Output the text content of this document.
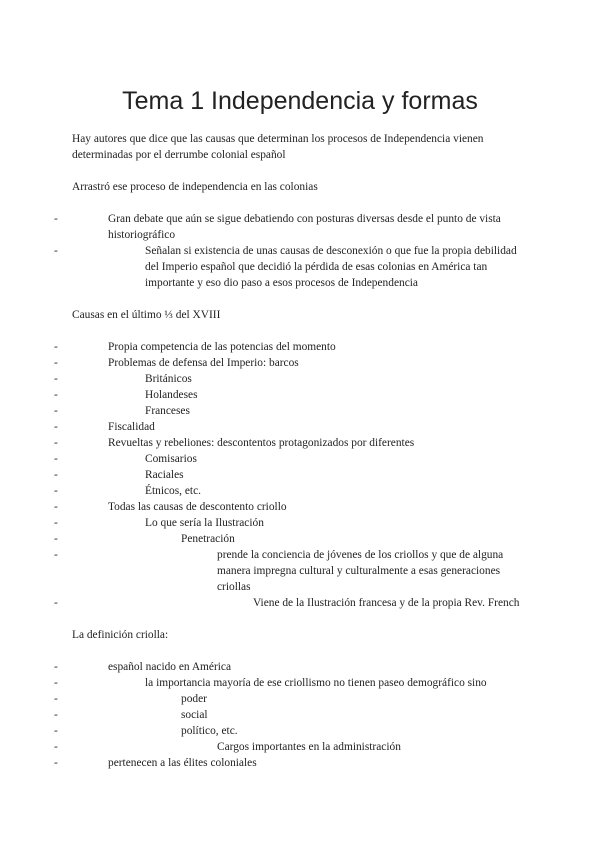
Tema 1 Independencia y formas

Hay autores que dice que las causas que determinan los procesos de Independencia vienen determinadas por el derrumbe colonial español

Arrastró ese proceso de independencia en las colonias

-	Gran debate que aún se sigue debatiendo con posturas diversas desde el punto de vista historiográfico
-	Señalan si existencia de unas causas de desconexión o que fue la propia debilidad del Imperio español que decidió la pérdida de esas colonias en América tan importante y eso dio paso a esos procesos de Independencia

Causas en el último ⅓ del XVIII

-	Propia competencia de las potencias del momento
-	Problemas de defensa del Imperio: barcos
-	Británicos
-	Holandeses
-	Franceses
-	Fiscalidad
-	Revueltas y rebeliones: descontentos protagonizados por diferentes
-	Comisarios
-	Raciales
-	Étnicos, etc.
-	Todas las causas de descontento criollo
-	Lo que sería la Ilustración
-	Penetración
-	prende la conciencia de jóvenes de los criollos y que de alguna manera impregna cultural y culturalmente a esas generaciones criollas
-	Viene de la Ilustración francesa y de la propia Rev. French

La definición criolla:

-	español nacido en América
-	la importancia mayoría de ese criollismo no tienen paseo demográfico sino
-	poder
-	social
-	político, etc.
-	Cargos importantes en la administración
-	pertenecen a las élites coloniales
